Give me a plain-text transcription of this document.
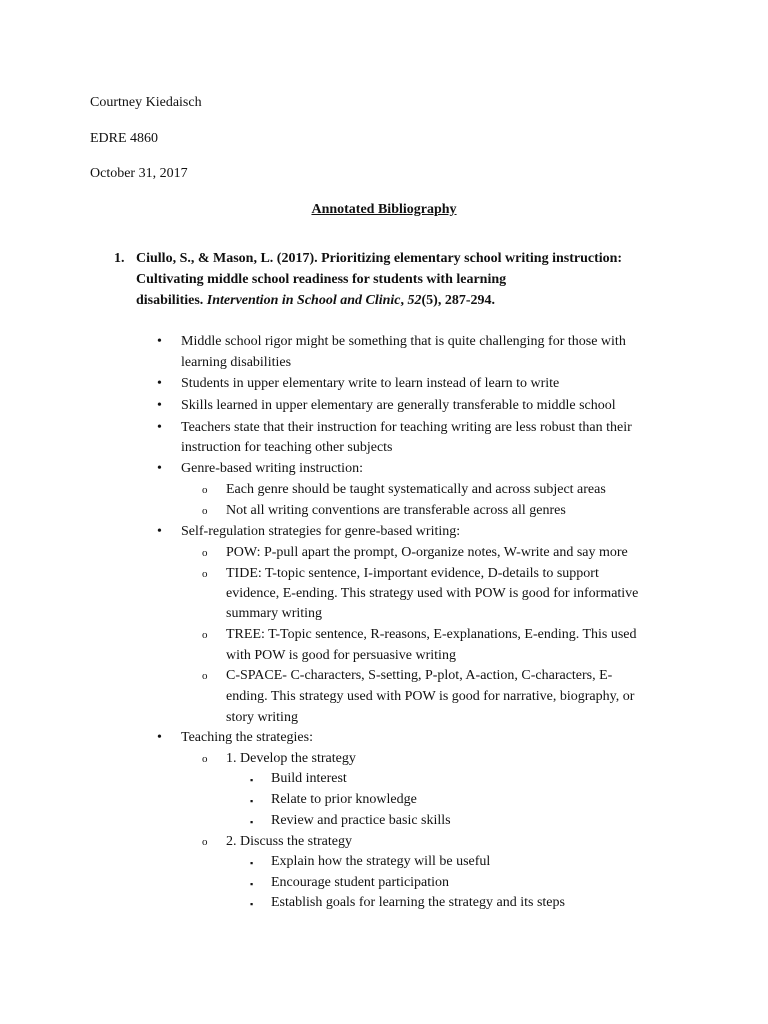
Courtney Kiedaisch
EDRE 4860
October 31, 2017
Annotated Bibliography
1. Ciullo, S., & Mason, L. (2017). Prioritizing elementary school writing instruction:
Cultivating middle school readiness for students with learning
disabilities. Intervention in School and Clinic, 52(5), 287-294.
• Middle school rigor might be something that is quite challenging for those with
learning disabilities
• Students in upper elementary write to learn instead of learn to write
• Skills learned in upper elementary are generally transferable to middle school
• Teachers state that their instruction for teaching writing are less robust than their
instruction for teaching other subjects
• Genre-based writing instruction:
o Each genre should be taught systematically and across subject areas
o Not all writing conventions are transferable across all genres
• Self-regulation strategies for genre-based writing:
o POW: P-pull apart the prompt, O-organize notes, W-write and say more
o TIDE: T-topic sentence, I-important evidence, D-details to support
evidence, E-ending. This strategy used with POW is good for informative
summary writing
o TREE: T-Topic sentence, R-reasons, E-explanations, E-ending. This used
with POW is good for persuasive writing
o C-SPACE- C-characters, S-setting, P-plot, A-action, C-characters, E-
ending. This strategy used with POW is good for narrative, biography, or
story writing
• Teaching the strategies:
o 1. Develop the strategy
▪ Build interest
▪ Relate to prior knowledge
▪ Review and practice basic skills
o 2. Discuss the strategy
▪ Explain how the strategy will be useful
▪ Encourage student participation
▪ Establish goals for learning the strategy and its steps
